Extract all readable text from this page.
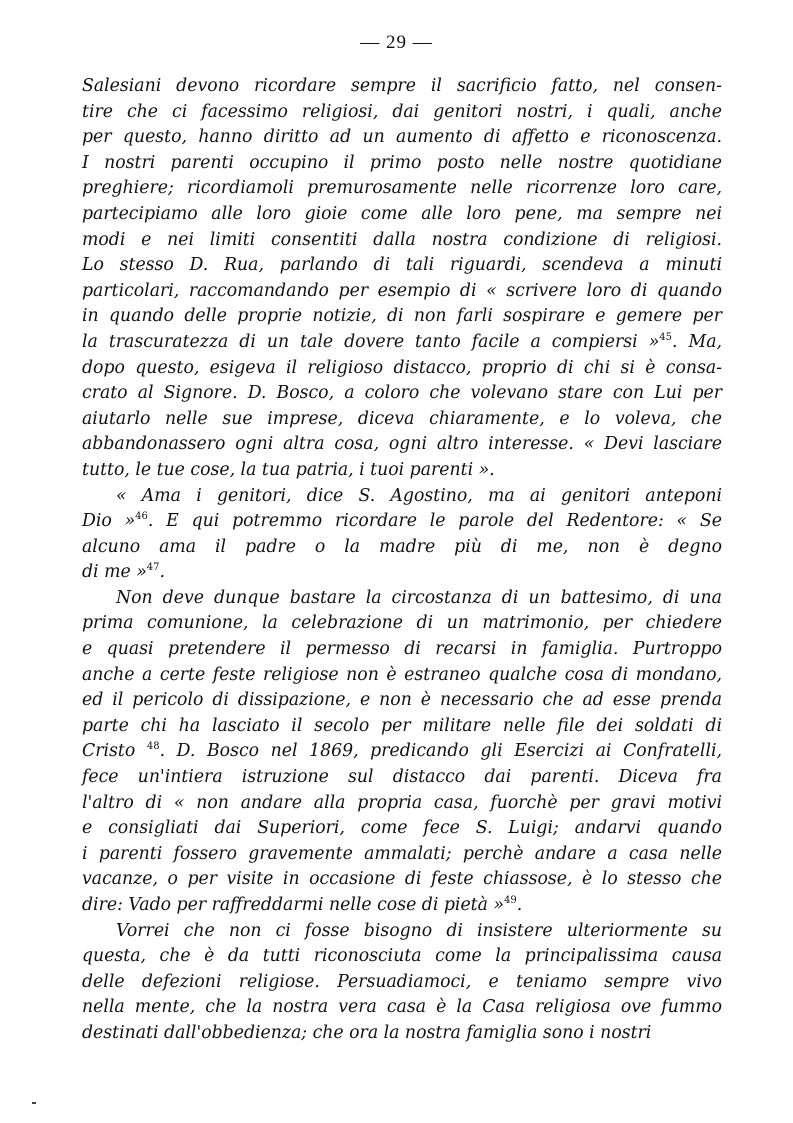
— 29 —
Salesiani devono ricordare sempre il sacrificio fatto, nel consen-
tire che ci facessimo religiosi, dai genitori nostri, i quali, anche
per questo, hanno diritto ad un aumento di affetto e riconoscenza.
I nostri parenti occupino il primo posto nelle nostre quotidiane
preghiere; ricordiamoli premurosamente nelle ricorrenze loro care,
partecipiamo alle loro gioie come alle loro pene, ma sempre nei
modi e nei limiti consentiti dalla nostra condizione di religiosi.
Lo stesso D. Rua, parlando di tali riguardi, scendeva a minuti
particolari, raccomandando per esempio di « scrivere loro di quando
in quando delle proprie notizie, di non farli sospirare e gemere per
la trascuratezza di un tale dovere tanto facile a compiersi »$^{45}$. Ma,
dopo questo, esigeva il religioso distacco, proprio di chi si è consa-
crato al Signore. D. Bosco, a coloro che volevano stare con Lui per
aiutarlo nelle sue imprese, diceva chiaramente, e lo voleva, che
abbandonassero ogni altra cosa, ogni altro interesse. « Devi lasciare
tutto, le tue cose, la tua patria, i tuoi parenti ».
« Ama i genitori, dice S. Agostino, ma ai genitori anteponi
Dio »$^{46}$. E qui potremmo ricordare le parole del Redentore: « Se
alcuno ama il padre o la madre più di me, non è degno
di me »$^{47}$.
Non deve dunque bastare la circostanza di un battesimo, di una
prima comunione, la celebrazione di un matrimonio, per chiedere
e quasi pretendere il permesso di recarsi in famiglia. Purtroppo
anche a certe feste religiose non è estraneo qualche cosa di mondano,
ed il pericolo di dissipazione, e non è necessario che ad esse prenda
parte chi ha lasciato il secolo per militare nelle file dei soldati di
Cristo $^{48}$. D. Bosco nel 1869, predicando gli Esercizi ai Confratelli,
fece un'intiera istruzione sul distacco dai parenti. Diceva fra
l'altro di « non andare alla propria casa, fuorchè per gravi motivi
e consigliati dai Superiori, come fece S. Luigi; andarvi quando
i parenti fossero gravemente ammalati; perchè andare a casa nelle
vacanze, o per visite in occasione di feste chiassose, è lo stesso che
dire: Vado per raffreddarmi nelle cose di pietà »$^{49}$.
Vorrei che non ci fosse bisogno di insistere ulteriormente su
questa, che è da tutti riconosciuta come la principalissima causa
delle defezioni religiose. Persuadiamoci, e teniamo sempre vivo
nella mente, che la nostra vera casa è la Casa religiosa ove fummo
destinati dall'obbedienza; che ora la nostra famiglia sono i nostri
